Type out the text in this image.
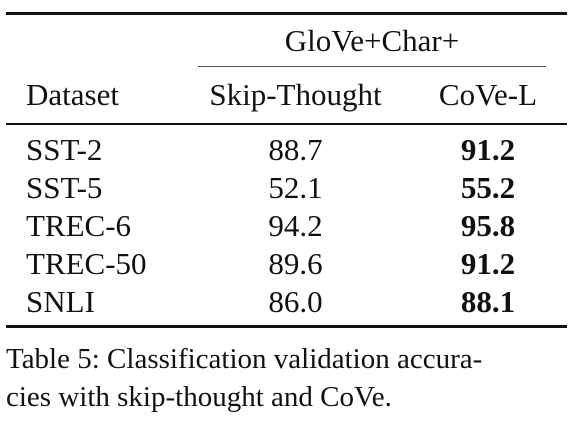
GloVe+Char+
Dataset	Skip-Thought	CoVe-L
SST-2	88.7	91.2
SST-5	52.1	55.2
TREC-6	94.2	95.8
TREC-50	89.6	91.2
SNLI	86.0	88.1
Table 5: Classification validation accura-
cies with skip-thought and CoVe.
